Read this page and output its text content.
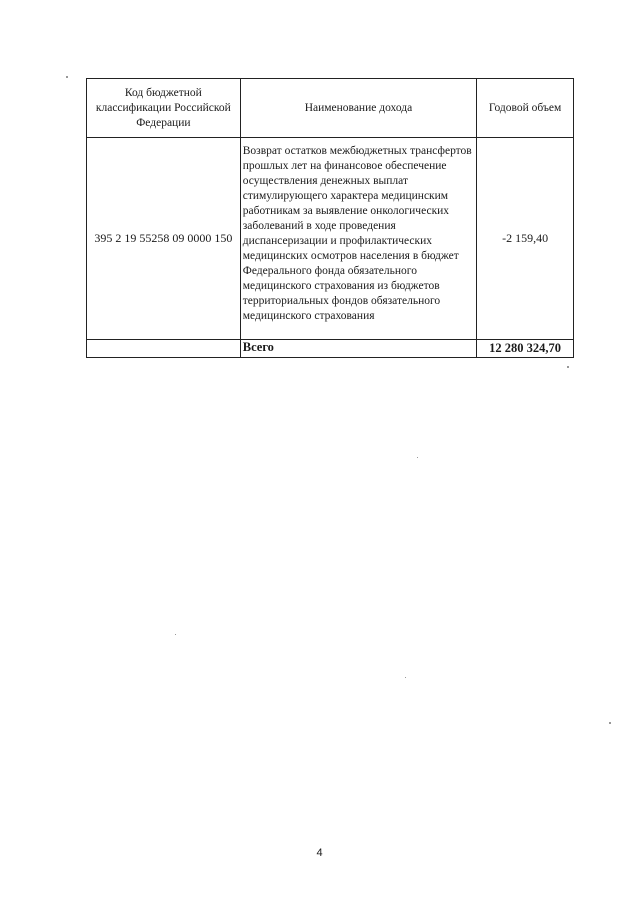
Код бюджетной классификации Российской Федерации	Наименование дохода	Годовой объем
395 2 19 55258 09 0000 150	Возврат остатков межбюджетных трансфертов прошлых лет на финансовое обеспечение осуществления денежных выплат стимулирующего характера медицинским работникам за выявление онкологических заболеваний в ходе проведения диспансеризации и профилактических медицинских осмотров населения в бюджет Федерального фонда обязательного медицинского страхования из бюджетов территориальных фондов обязательного медицинского страхования	-2 159,40
	Всего	12 280 324,70
4
